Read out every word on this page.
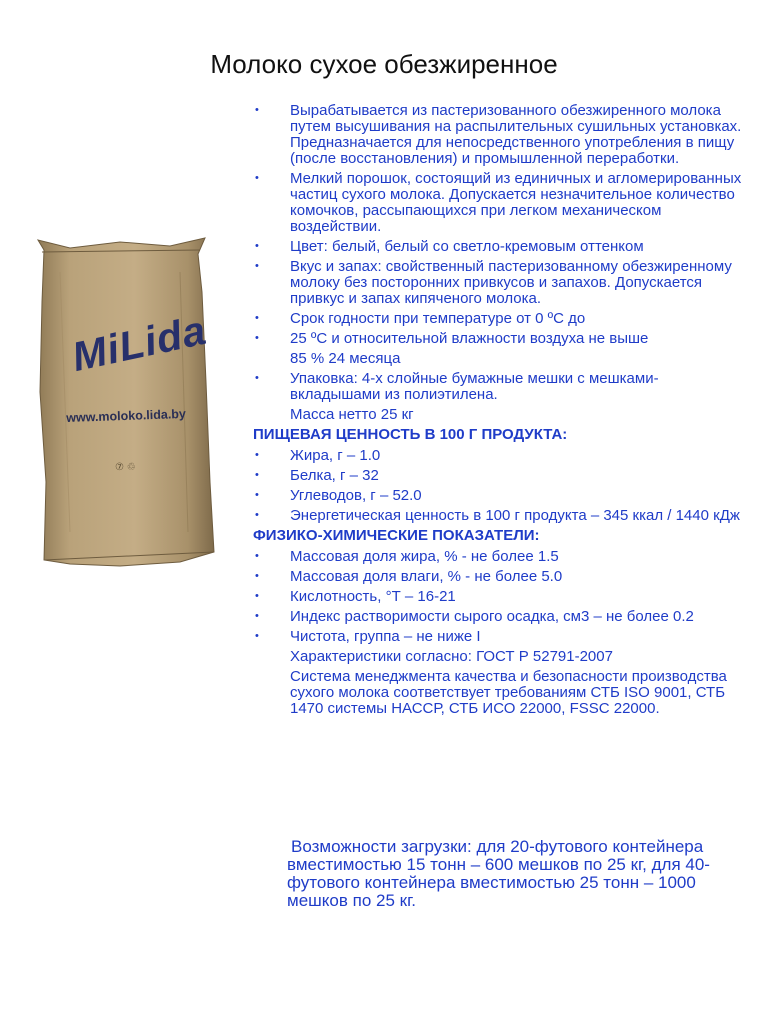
Молоко сухое обезжиренное
MiLida
www.moloko.lida.by
⑦ ♲
• Вырабатывается из пастеризованного обезжиренного молока путем высушивания на распылительных сушильных установках. Предназначается для непосредственного употребления в пищу (после восстановления) и промышленной переработки.
• Мелкий порошок, состоящий из единичных и агломерированных частиц сухого молока. Допускается незначительное количество комочков, рассыпающихся при легком механическом воздействии.
• Цвет: белый, белый со светло-кремовым оттенком
• Вкус и запах: свойственный пастеризованному обезжиренному молоку без посторонних привкусов и запахов. Допускается привкус и запах кипяченого молока.
• Срок годности при температуре от 0 ºС до
• 25 ºС и относительной влажности воздуха не выше
85 % 24 месяца
• Упаковка: 4-х слойные бумажные мешки с мешками-вкладышами из полиэтилена.
Масса нетто 25 кг
ПИЩЕВАЯ ЦЕННОСТЬ В 100 Г ПРОДУКТА:
• Жира, г – 1.0
• Белка, г – 32
• Углеводов, г – 52.0
• Энергетическая ценность в 100 г продукта – 345 ккал / 1440 кДж
ФИЗИКО-ХИМИЧЕСКИЕ ПОКАЗАТЕЛИ:
• Массовая доля жира, % - не более 1.5
• Массовая доля влаги, % - не более 5.0
• Кислотность, °Т – 16-21
• Индекс растворимости сырого осадка, см3 – не более 0.2
• Чистота, группа – не ниже I
Характеристики согласно: ГОСТ Р 52791-2007
Система менеджмента качества и безопасности производства сухого молока соответствует требованиям СТБ ISO 9001, СТБ 1470 системы НАССР, СТБ ИСО 22000, FSSC 22000.
Возможности загрузки: для 20-футового контейнера вместимостью 15 тонн – 600 мешков по 25 кг, для 40-футового контейнера вместимостью 25 тонн – 1000 мешков по 25 кг.
